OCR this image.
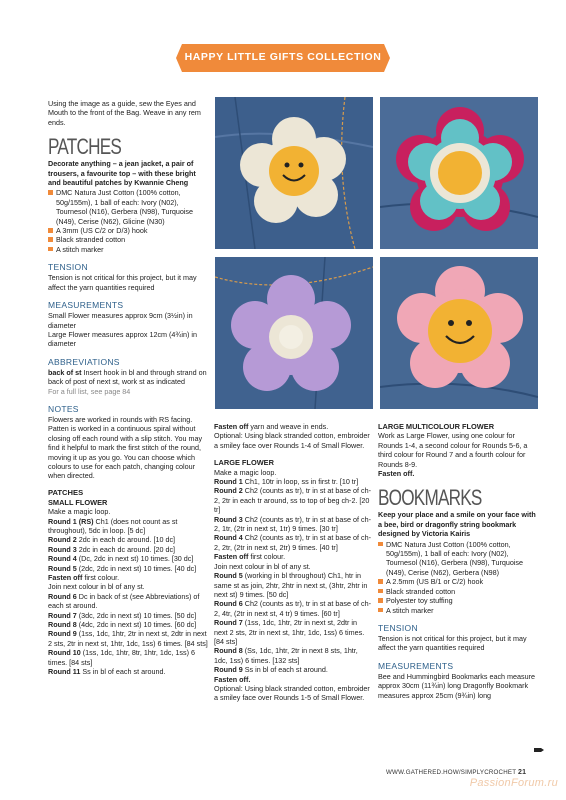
HAPPY LITTLE GIFTS COLLECTION

Using the image as a guide, sew the Eyes and Mouth to the front of the Bag. Weave in any rem ends.

PATCHES

Decorate anything – a jean jacket, a pair of trousers, a favourite top – with these bright and beautiful patches by Kwannie Cheng

DMC Natura Just Cotton (100% cotton, 50g/155m), 1 ball of each: Ivory (N02), Tournesol (N16), Gerbera (N98), Turquoise (N49), Cerise (N62), Glicine (N30)
A 3mm (US C/2 or D/3) hook
Black stranded cotton
A stitch marker
TENSION

Tension is not critical for this project, but it may affect the yarn quantities required

MEASUREMENTS

Small Flower measures approx 9cm (3½in) in diameter

Large Flower measures approx 12cm (4¾in) in diameter

ABBREVIATIONS

back of st Insert hook in bl and through strand on back of post of next st, work st as indicated

For a full list, see page 84

NOTES

Flowers are worked in rounds with RS facing. Patten is worked in a continuous spiral without closing off each round with a slip stitch. You may find it helpful to mark the first stitch of the round, moving it up as you go. You can choose which colours to use for each patch, changing colour when directed.

PATCHES
SMALL FLOWER

Make a magic loop.

Round 1 (RS) Ch1 (does not count as st throughout), 5dc in loop. [5 dc]

Round 2 2dc in each dc around. [10 dc]

Round 3 2dc in each dc around. [20 dc]

Round 4 (Dc, 2dc in next st) 10 times. [30 dc]

Round 5 (2dc, 2dc in next st) 10 times. [40 dc]

Fasten off first colour.

Join next colour in bl of any st.

Round 6 Dc in back of st (see Abbreviations) of each st around.

Round 7 (3dc, 2dc in next st) 10 times. [50 dc]

Round 8 (4dc, 2dc in next st) 10 times. [60 dc]

Round 9 (1ss, 1dc, 1htr, 2tr in next st, 2dtr in next 2 sts, 2tr in next st, 1htr, 1dc, 1ss) 6 times. [84 sts]

Round 10 (1ss, 1dc, 1htr, 8tr, 1htr, 1dc, 1ss) 6 times. [84 sts]

Round 11 Ss in bl of each st around.

Fasten off yarn and weave in ends.

Optional: Using black stranded cotton, embroider a smiley face over Rounds 1-4 of Small Flower.

LARGE FLOWER

Make a magic loop.

Round 1 Ch1, 10tr in loop, ss in first tr. [10 tr]

Round 2 Ch2 (counts as tr), tr in st at base of ch-2, 2tr in each tr around, ss to top of beg ch-2. [20 tr]

Round 3 Ch2 (counts as tr), tr in st at base of ch-2, 1tr, (2tr in next st, 1tr) 9 times. [30 tr]

Round 4 Ch2 (counts as tr), tr in st at base of ch-2, 2tr, (2tr in next st, 2tr) 9 times. [40 tr]

Fasten off first colour.

Join next colour in bl of any st.

Round 5 (working in bl throughout) Ch1, htr in same st as join, 2htr, 2htr in next st, (3htr, 2htr in next st) 9 times. [50 dc]

Round 6 Ch2 (counts as tr), tr in st at base of ch-2, 4tr, (2tr in next st, 4 tr) 9 times. [60 tr]

Round 7 (1ss, 1dc, 1htr, 2tr in next st, 2dtr in next 2 sts, 2tr in next st, 1htr, 1dc, 1ss) 6 times. [84 sts]

Round 8 (Ss, 1dc, 1htr, 2tr in next 8 sts, 1htr, 1dc, 1ss) 6 times. [132 sts]

Round 9 Ss in bl of each st around.

Fasten off.

Optional: Using black stranded cotton, embroider a smiley face over Rounds 1-5 of Small Flower.

LARGE MULTICOLOUR FLOWER

Work as Large Flower, using one colour for Rounds 1-4, a second colour for Rounds 5-6, a third colour for Round 7 and a fourth colour for Rounds 8-9.

Fasten off.

BOOKMARKS

Keep your place and a smile on your face with a bee, bird or dragonfly string bookmark designed by Victoria Kairis

DMC Natura Just Cotton (100% cotton, 50g/155m), 1 ball of each: Ivory (N02), Tournesol (N16), Gerbera (N98), Turquoise (N49), Cerise (N62), Gerbera (N98)
A 2.5mm (US B/1 or C/2) hook
Black stranded cotton
Polyester toy stuffing
A stitch marker
TENSION

Tension is not critical for this project, but it may affect the yarn quantities required

MEASUREMENTS

Bee and Hummingbird Bookmarks each measure approx 30cm (11¾in) long Dragonfly Bookmark measures approx 25cm (9¾in) long

WWW.GATHERED.HOW/SIMPLYCROCHET 21
PassionForum.ru
